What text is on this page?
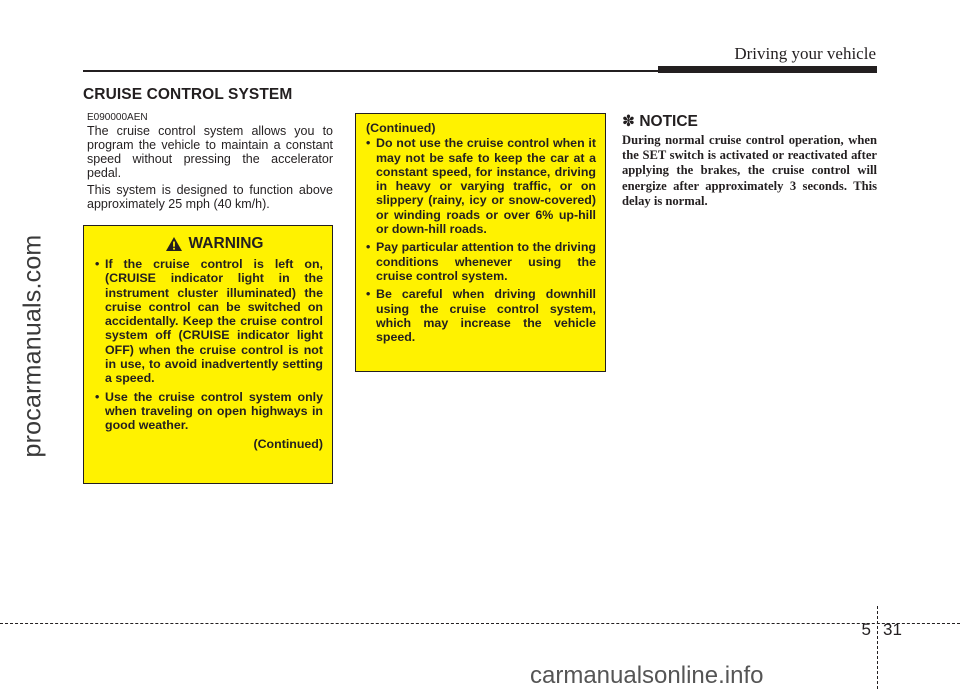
Driving your vehicle
CRUISE CONTROL SYSTEM
E090000AEN

The cruise control system allows you to program the vehicle to maintain a constant speed without pressing the accelerator pedal.

This system is designed to function above approximately 25 mph (40 km/h).

WARNING
• If the cruise control is left on, (CRUISE indicator light in the instrument cluster illuminated) the cruise control can be switched on accidentally. Keep the cruise control system off (CRUISE indicator light OFF) when the cruise control is not in use, to avoid inadvertently setting a speed.
• Use the cruise control system only when traveling on open highways in good weather.
(Continued)
(Continued)
• Do not use the cruise control when it may not be safe to keep the car at a constant speed, for instance, driving in heavy or varying traffic, or on slippery (rainy, icy or snow-covered) or winding roads or over 6% up-hill or down-hill roads.
• Pay particular attention to the driving conditions whenever using the cruise control system.
• Be careful when driving downhill using the cruise control system, which may increase the vehicle speed.
✽ NOTICE

During normal cruise control operation, when the SET switch is activated or reactivated after applying the brakes, the cruise control will energize after approximately 3 seconds. This delay is normal.

5 31
procarmanuals.com
carmanualsonline.info
